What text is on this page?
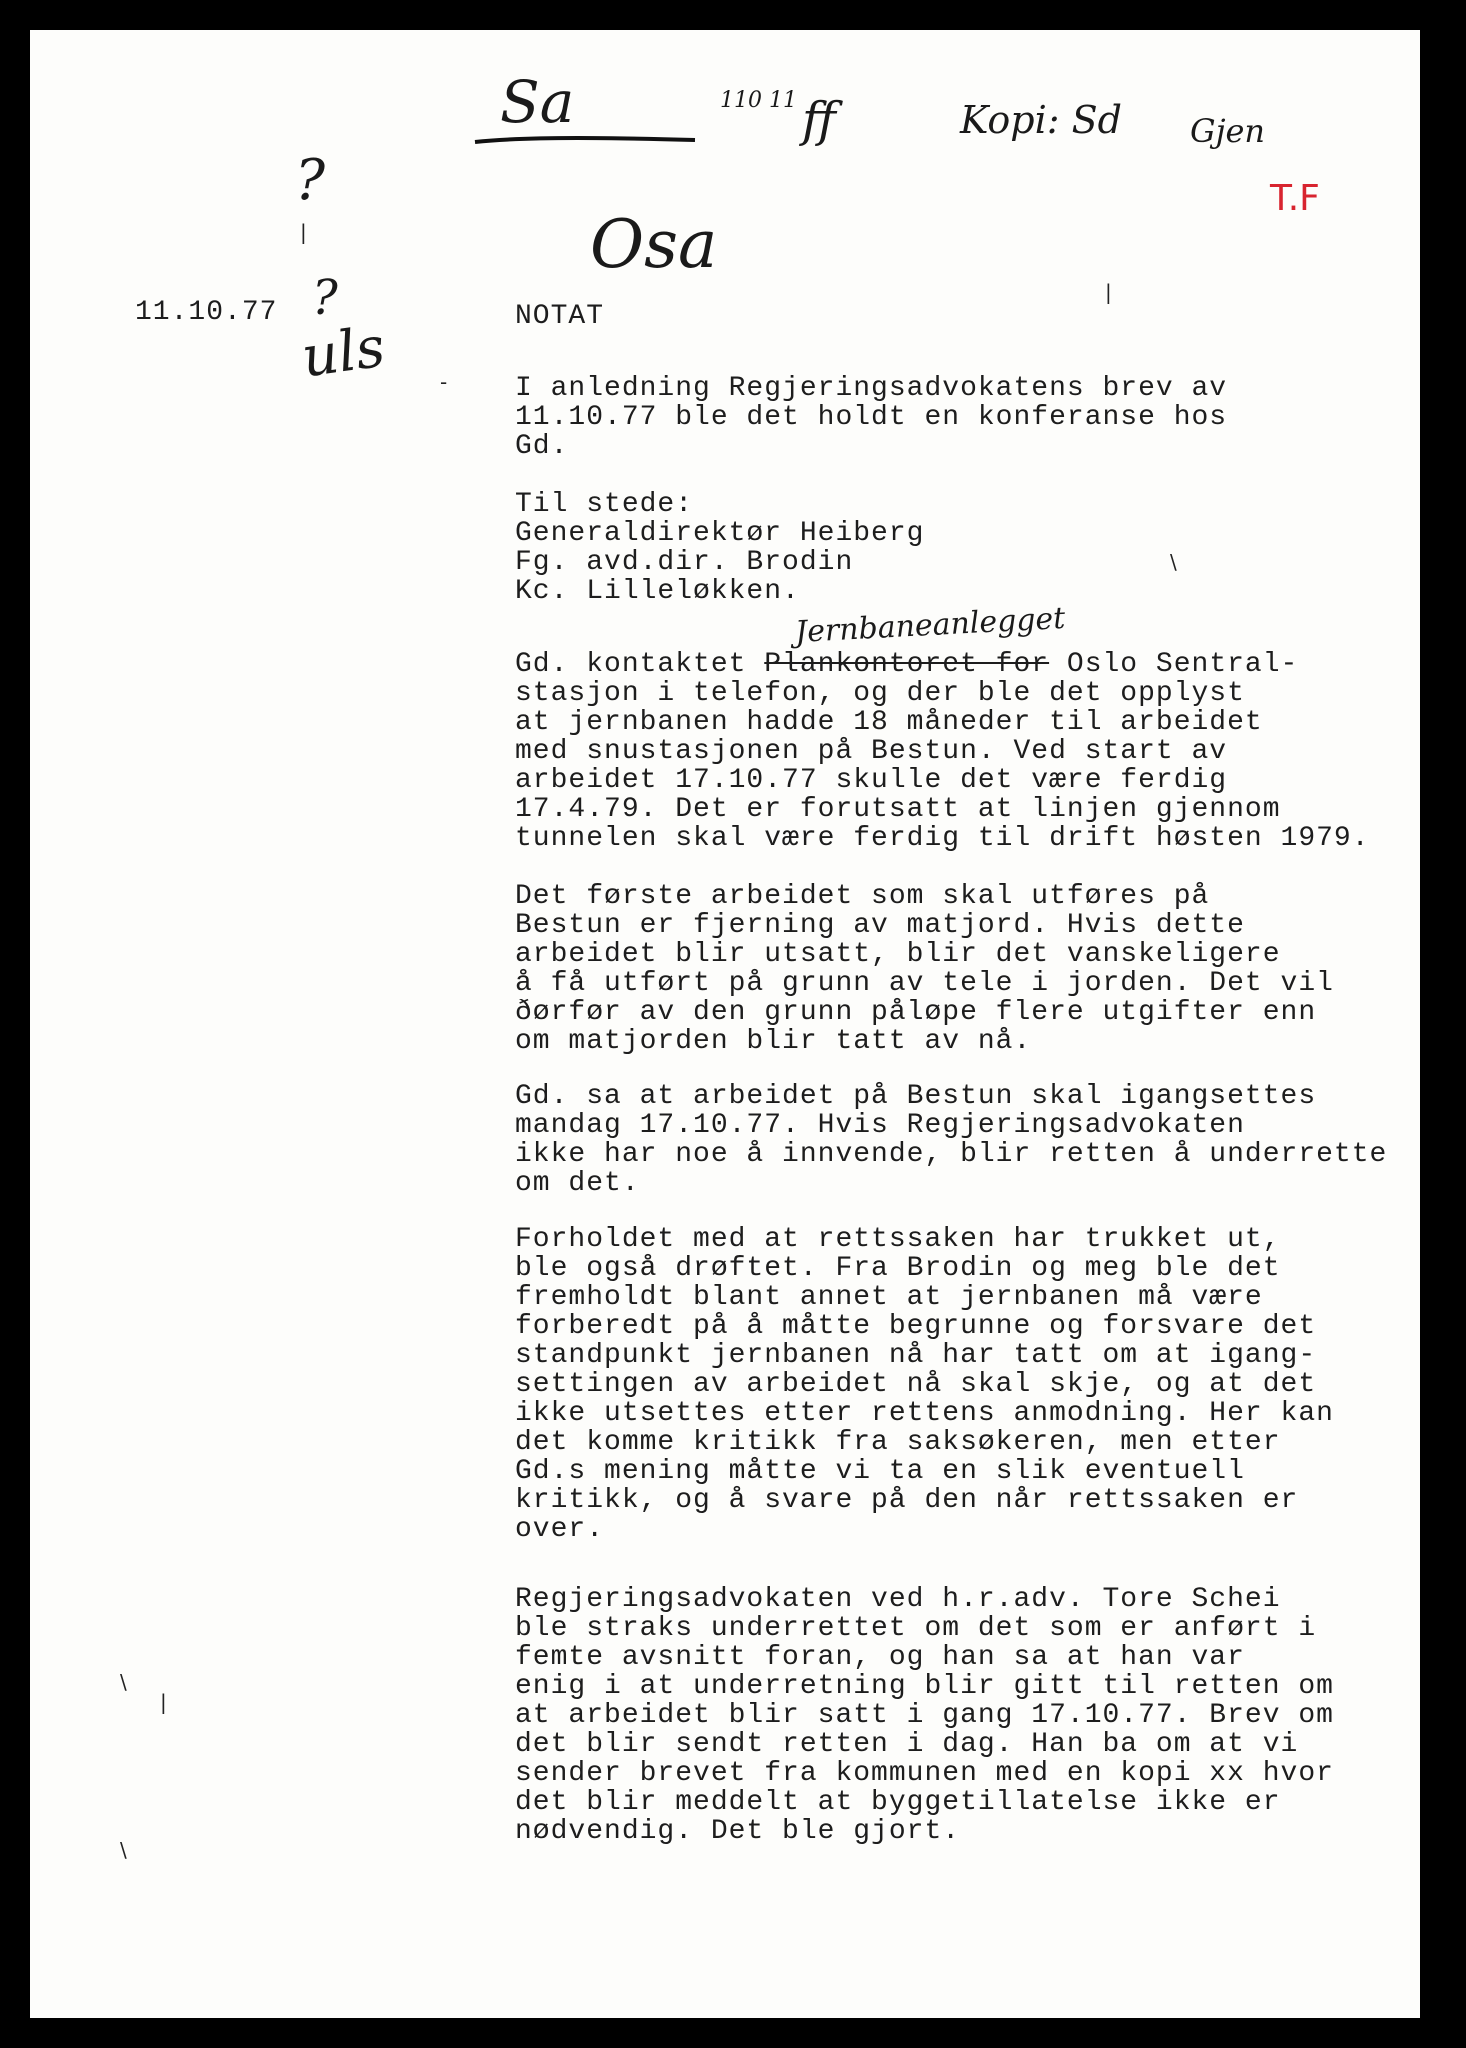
Sa	110 11 ff	Kopi: Sd Gjen
T.F
Osa
?
?
uls
|
|
-
\
\
|
\
11.10.77	NOTAT
I anledning Regjeringsadvokatens brev av
11.10.77 ble det holdt en konferanse hos
Gd.
Til stede:
Generaldirektør Heiberg
Fg. avd.dir. Brodin
Kc. Lilleløkken.
Jernbaneanlegget
Gd. kontaktet Plankontoret for Oslo Sentral-
stasjon i telefon, og der ble det opplyst
at jernbanen hadde 18 måneder til arbeidet
med snustasjonen på Bestun. Ved start av
arbeidet 17.10.77 skulle det være ferdig
17.4.79. Det er forutsatt at linjen gjennom
tunnelen skal være ferdig til drift høsten 1979.
Det første arbeidet som skal utføres på
Bestun er fjerning av matjord. Hvis dette
arbeidet blir utsatt, blir det vanskeligere
å få utført på grunn av tele i jorden. Det vil
ðørfør av den grunn påløpe flere utgifter enn
om matjorden blir tatt av nå.
Gd. sa at arbeidet på Bestun skal igangsettes
mandag 17.10.77. Hvis Regjeringsadvokaten
ikke har noe å innvende, blir retten å underrette
om det.
Forholdet med at rettssaken har trukket ut,
ble også drøftet. Fra Brodin og meg ble det
fremholdt blant annet at jernbanen må være
forberedt på å måtte begrunne og forsvare det
standpunkt jernbanen nå har tatt om at igang-
settingen av arbeidet nå skal skje, og at det
ikke utsettes etter rettens anmodning. Her kan
det komme kritikk fra saksøkeren, men etter
Gd.s mening måtte vi ta en slik eventuell
kritikk, og å svare på den når rettssaken er
over.
Regjeringsadvokaten ved h.r.adv. Tore Schei
ble straks underrettet om det som er anført i
femte avsnitt foran, og han sa at han var
enig i at underretning blir gitt til retten om
at arbeidet blir satt i gang 17.10.77. Brev om
det blir sendt retten i dag. Han ba om at vi
sender brevet fra kommunen med en kopi xx hvor
det blir meddelt at byggetillatelse ikke er
nødvendig. Det ble gjort.
